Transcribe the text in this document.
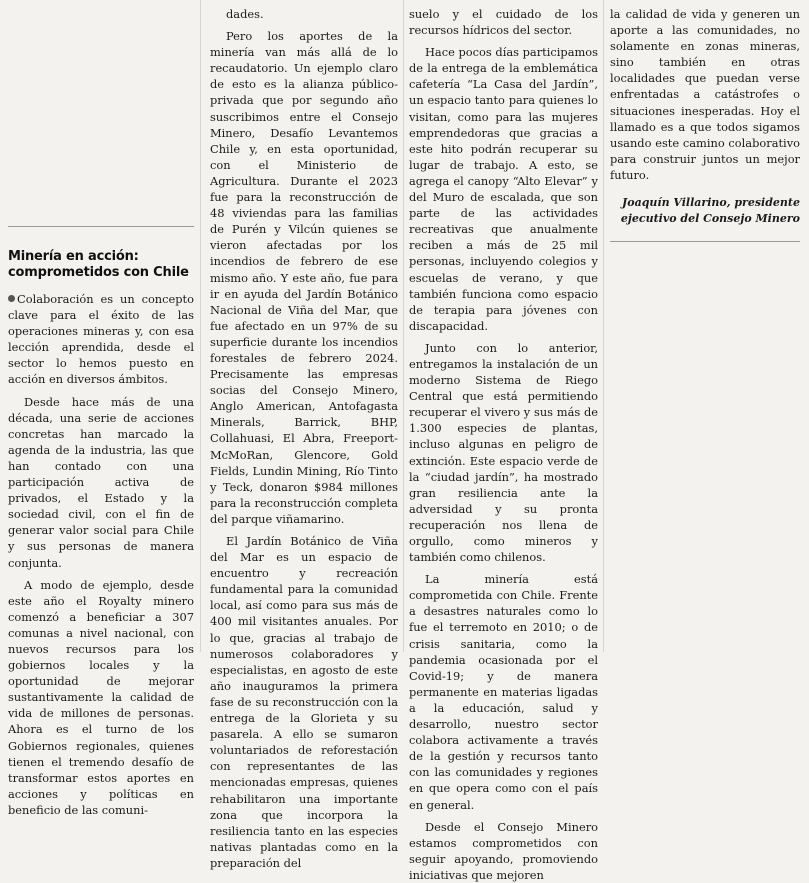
Minería en acción: comprometidos con Chile

Colaboración es un concepto clave para el éxito de las operaciones mineras y, con esa lección aprendida, desde el sector lo hemos puesto en acción en diversos ámbitos.

Desde hace más de una década, una serie de acciones concretas han marcado la agenda de la industria, las que han contado con una participación activa de privados, el Estado y la sociedad civil, con el fin de generar valor social para Chile y sus personas de manera conjunta.

A modo de ejemplo, desde este año el Royalty minero comenzó a beneficiar a 307 comunas a nivel nacional, con nuevos recursos para los gobiernos locales y la oportunidad de mejorar sustantivamente la calidad de vida de millones de personas. Ahora es el turno de los Gobiernos regionales, quienes tienen el tremendo desafío de transformar estos aportes en acciones y políticas en beneficio de las comuni-

dades.

Pero los aportes de la minería van más allá de lo recaudatorio. Un ejemplo claro de esto es la alianza público-privada que por segundo año suscribimos entre el Consejo Minero, Desafío Levantemos Chile y, en esta oportunidad, con el Ministerio de Agricultura. Durante el 2023 fue para la reconstrucción de 48 viviendas para las familias de Purén y Vilcún quienes se vieron afectadas por los incendios de febrero de ese mismo año. Y este año, fue para ir en ayuda del Jardín Botánico Nacional de Viña del Mar, que fue afectado en un 97% de su superficie durante los incendios forestales de febrero 2024. Precisamente las empresas socias del Consejo Minero, Anglo American, Antofagasta Minerals, Barrick, BHP, Collahuasi, El Abra, Freeport-McMoRan, Glencore, Gold Fields, Lundin Mining, Río Tinto y Teck, donaron $984 millones para la reconstrucción completa del parque viñamarino.

El Jardín Botánico de Viña del Mar es un espacio de encuentro y recreación fundamental para la comunidad local, así como para sus más de 400 mil visitantes anuales. Por lo que, gracias al trabajo de numerosos colaboradores y especialistas, en agosto de este año inauguramos la primera fase de su reconstrucción con la entrega de la Glorieta y su pasarela. A ello se sumaron voluntariados de reforestación con representantes de las mencionadas empresas, quienes rehabilitaron una importante zona que incorpora la resiliencia tanto en las especies nativas plantadas como en la preparación del

suelo y el cuidado de los recursos hídricos del sector.

Hace pocos días participamos de la entrega de la emblemática cafetería “La Casa del Jardín”, un espacio tanto para quienes lo visitan, como para las mujeres emprendedoras que gracias a este hito podrán recuperar su lugar de trabajo. A esto, se agrega el canopy “Alto Elevar” y del Muro de escalada, que son parte de las actividades recreativas que anualmente reciben a más de 25 mil personas, incluyendo colegios y escuelas de verano, y que también funciona como espacio de terapia para jóvenes con discapacidad.

Junto con lo anterior, entregamos la instalación de un moderno Sistema de Riego Central que está permitiendo recuperar el vivero y sus más de 1.300 especies de plantas, incluso algunas en peligro de extinción. Este espacio verde de la “ciudad jardín”, ha mostrado gran resiliencia ante la adversidad y su pronta recuperación nos llena de orgullo, como mineros y también como chilenos.

La minería está comprometida con Chile. Frente a desastres naturales como lo fue el terremoto en 2010; o de crisis sanitaria, como la pandemia ocasionada por el Covid-19; y de manera permanente en materias ligadas a la educación, salud y desarrollo, nuestro sector colabora activamente a través de la gestión y recursos tanto con las comunidades y regiones en que opera como con el país en general.

Desde el Consejo Minero estamos comprometidos con seguir apoyando, promoviendo iniciativas que mejoren

la calidad de vida y generen un aporte a las comunidades, no solamente en zonas mineras, sino también en otras localidades que puedan verse enfrentadas a catástrofes o situaciones inesperadas. Hoy el llamado es a que todos sigamos usando este camino colaborativo para construir juntos un mejor futuro.

Joaquín Villarino, presidente ejecutivo del Consejo Minero
